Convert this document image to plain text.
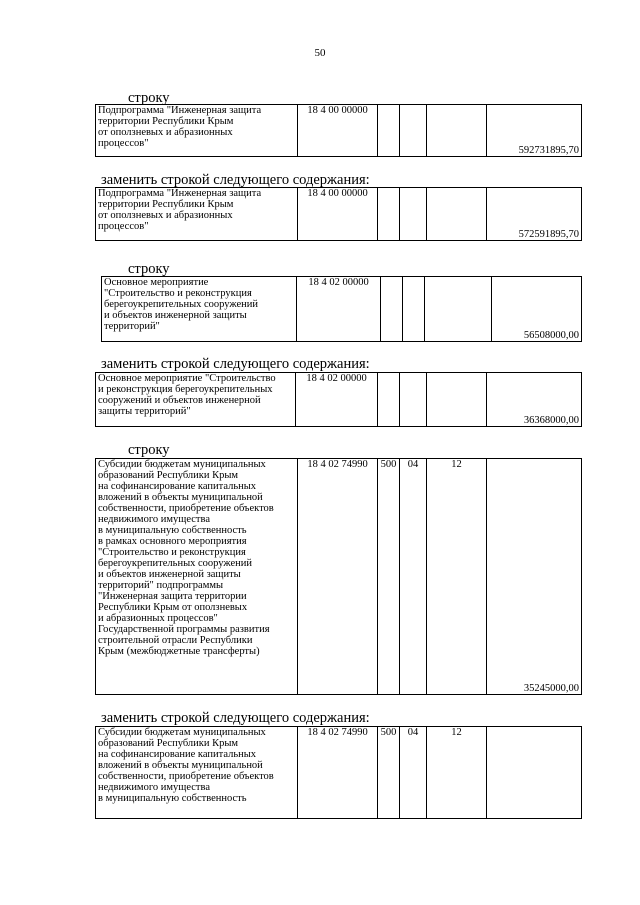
50
строку
Подпрограмма "Инженерная защита
территории Республики Крым
от оползневых и абразионных
процессов"	18 4 00 00000				592731895,70
заменить строкой следующего содержания:
Подпрограмма "Инженерная защита
территории Республики Крым
от оползневых и абразионных
процессов"	18 4 00 00000				572591895,70
строку
Основное мероприятие
"Строительство и реконструкция
берегоукрепительных сооружений
и объектов инженерной защиты
территорий"	18 4 02 00000				56508000,00
заменить строкой следующего содержания:
Основное мероприятие "Строительство
и реконструкция берегоукрепительных
сооружений и объектов инженерной
защиты территорий"	18 4 02 00000				36368000,00
строку
Субсидии бюджетам муниципальных
образований Республики Крым
на софинансирование капитальных
вложений в объекты муниципальной
собственности, приобретение объектов
недвижимого имущества
в муниципальную собственность
в рамках основного мероприятия
"Строительство и реконструкция
берегоукрепительных сооружений
и объектов инженерной защиты
территорий" подпрограммы
"Инженерная защита территории
Республики Крым от оползневых
и абразионных процессов"
Государственной программы развития
строительной отрасли Республики
Крым (межбюджетные трансферты)	18 4 02 74990	500	04	12	35245000,00
заменить строкой следующего содержания:
Субсидии бюджетам муниципальных
образований Республики Крым
на софинансирование капитальных
вложений в объекты муниципальной
собственности, приобретение объектов
недвижимого имущества
в муниципальную собственность	18 4 02 74990	500	04	12	
